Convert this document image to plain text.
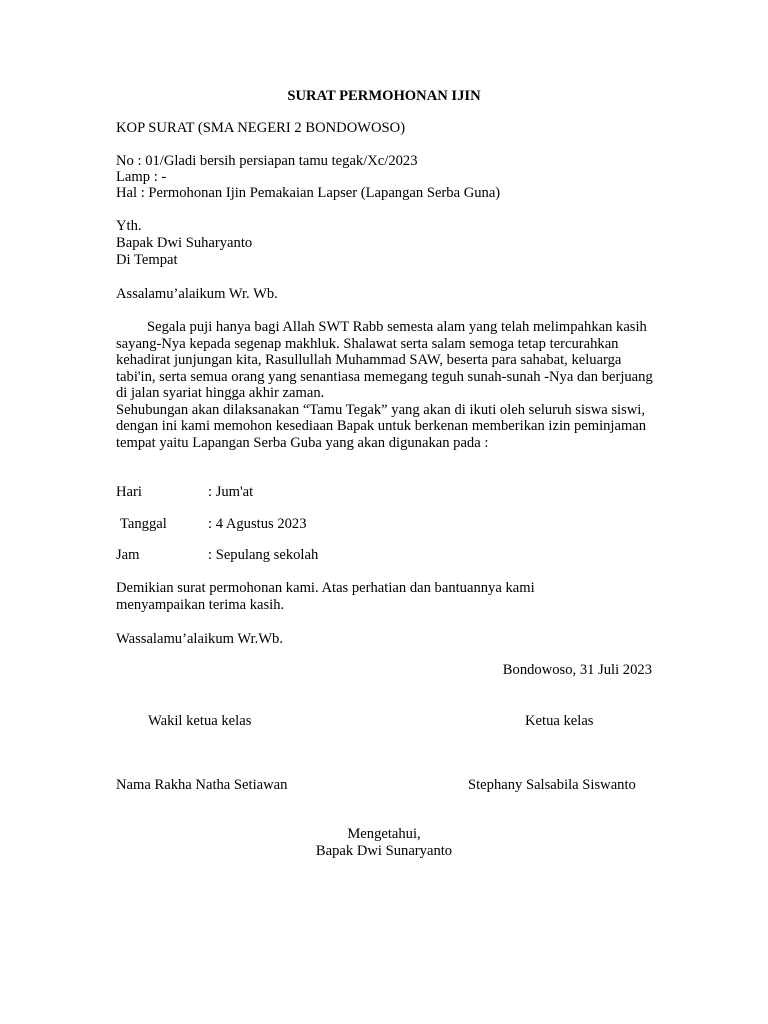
SURAT PERMOHONAN IJIN
KOP SURAT (SMA NEGERI 2 BONDOWOSO)
No : 01/Gladi bersih persiapan tamu tegak/Xc/2023
Lamp : -
Hal : Permohonan Ijin Pemakaian Lapser (Lapangan Serba Guna)
Yth.
Bapak Dwi Suharyanto
Di Tempat
Assalamu’alaikum Wr. Wb.

Segala puji hanya bagi Allah SWT Rabb semesta alam yang telah melimpahkan kasih sayang-Nya kepada segenap makhluk. Shalawat serta salam semoga tetap tercurahkan kehadirat junjungan kita, Rasullullah Muhammad SAW, beserta para sahabat, keluarga tabi'in, serta semua orang yang senantiasa memegang teguh sunah-sunah -Nya dan berjuang di jalan syariat hingga akhir zaman.

Sehubungan akan dilaksanakan “Tamu Tegak” yang akan di ikuti oleh seluruh siswa siswi, dengan ini kami memohon kesediaan Bapak untuk berkenan memberikan izin peminjaman tempat yaitu Lapangan Serba Guba yang akan digunakan pada :

Hari	: Jum'at
Tanggal	: 4 Agustus 2023
Jam	: Sepulang sekolah
Demikian surat permohonan kami. Atas perhatian dan bantuannya kami menyampaikan terima kasih.
Wassalamu’alaikum Wr.Wb.
Bondowoso, 31 Juli 2023
Wakil ketua kelas	Ketua kelas
Nama Rakha Natha Setiawan	Stephany Salsabila Siswanto
Mengetahui,
Bapak Dwi Sunaryanto
